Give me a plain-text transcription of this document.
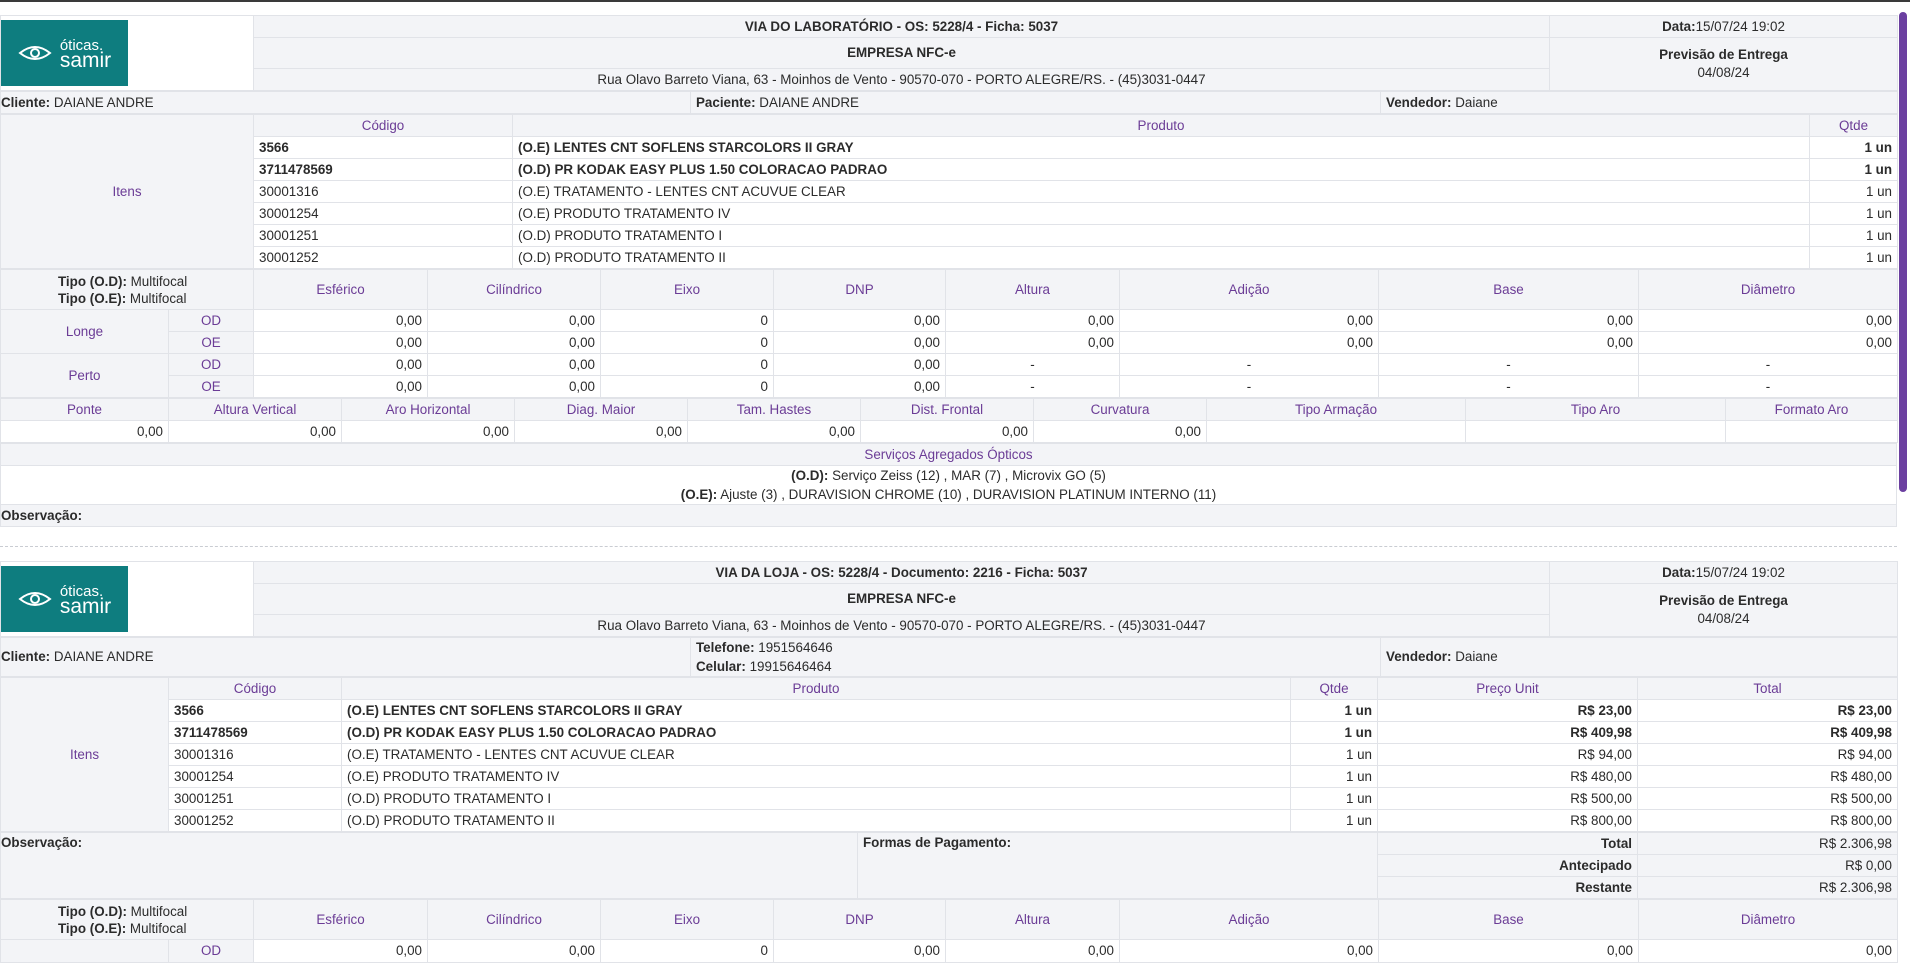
óticas.
samir	VIA DO LABORATÓRIO - OS: 5228/4 - Ficha: 5037	Data:15/07/24 19:02
	EMPRESA NFC-e	Previsão de Entrega
04/08/24

	Rua Olavo Barreto Viana, 63 - Moinhos de Vento - 90570-070 - PORTO ALEGRE/RS. - (45)3031-0447	
Cliente: DAIANE ANDRE	Paciente: DAIANE ANDRE	Vendedor: Daiane
Itens	Código	Produto	Qtde
	3566	(O.E) LENTES CNT SOFLENS STARCOLORS II GRAY	1 un
	3711478569	(O.D) PR KODAK EASY PLUS 1.50 COLORACAO PADRAO	1 un
	30001316	(O.E) TRATAMENTO - LENTES CNT ACUVUE CLEAR	1 un
	30001254	(O.E) PRODUTO TRATAMENTO IV	1 un
	30001251	(O.D) PRODUTO TRATAMENTO I	1 un
	30001252	(O.D) PRODUTO TRATAMENTO II	1 un
Tipo (O.D): Multifocal
Tipo (O.E): Multifocal		Esférico	Cilíndrico	Eixo	DNP	Altura	Adição	Base	Diâmetro
Longe	OD	0,00	0,00	0	0,00	0,00	0,00	0,00	0,00
	OE	0,00	0,00	0	0,00	0,00	0,00	0,00	0,00
Perto	OD	0,00	0,00	0	0,00	-	-	-	-
	OE	0,00	0,00	0	0,00	-	-	-	-
Ponte	Altura Vertical	Aro Horizontal	Diag. Maior	Tam. Hastes	Dist. Frontal	Curvatura	Tipo Armação	Tipo Aro	Formato Aro
0,00	0,00	0,00	0,00	0,00	0,00	0,00			
Serviços Agregados Ópticos

(O.D): Serviço Zeiss (12) , MAR (7) , Microvix GO (5)
(O.E): Ajuste (3) , DURAVISION CHROME (10) , DURAVISION PLATINUM INTERNO (11)

Observação:
óticas.
samir	VIA DA LOJA - OS: 5228/4 - Documento: 2216 - Ficha: 5037	Data:15/07/24 19:02
	EMPRESA NFC-e	Previsão de Entrega
04/08/24

	Rua Olavo Barreto Viana, 63 - Moinhos de Vento - 90570-070 - PORTO ALEGRE/RS. - (45)3031-0447	
Cliente: DAIANE ANDRE	
Telefone: 1951564646
Celular: 19915646464
	Vendedor: Daiane
Itens	Código	Produto	Qtde	Preço Unit	Total
	3566	(O.E) LENTES CNT SOFLENS STARCOLORS II GRAY	1 un	R$ 23,00	R$ 23,00
	3711478569	(O.D) PR KODAK EASY PLUS 1.50 COLORACAO PADRAO	1 un	R$ 409,98	R$ 409,98
	30001316	(O.E) TRATAMENTO - LENTES CNT ACUVUE CLEAR	1 un	R$ 94,00	R$ 94,00
	30001254	(O.E) PRODUTO TRATAMENTO IV	1 un	R$ 480,00	R$ 480,00
	30001251	(O.D) PRODUTO TRATAMENTO I	1 un	R$ 500,00	R$ 500,00
	30001252	(O.D) PRODUTO TRATAMENTO II	1 un	R$ 800,00	R$ 800,00
Observação:	Formas de Pagamento:	Total	R$ 2.306,98
		Antecipado	R$ 0,00
		Restante	R$ 2.306,98
Tipo (O.D): Multifocal
Tipo (O.E): Multifocal		Esférico	Cilíndrico	Eixo	DNP	Altura	Adição	Base	Diâmetro
	OD	0,00	0,00	0	0,00	0,00	0,00	0,00	0,00
